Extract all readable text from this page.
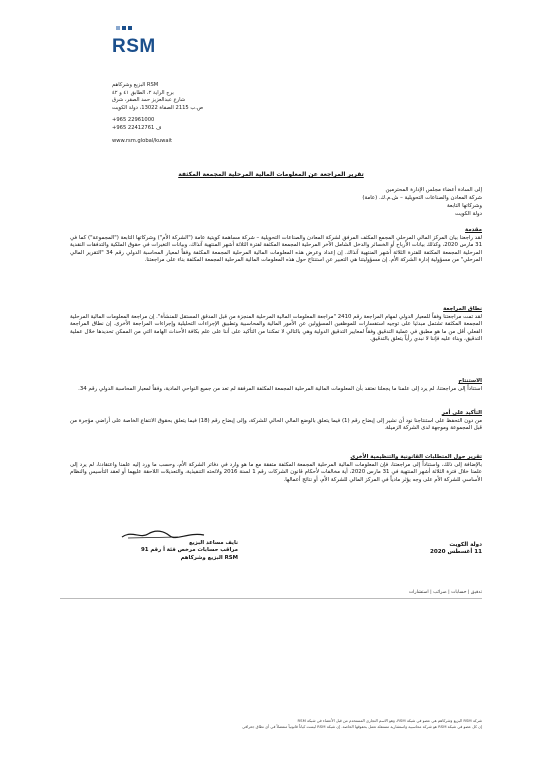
RSM
RSM البزيع وشركاهم
برج الراية ٢، الطابق ٤١ و ٤٢
شارع عبدالعزيز حمد الصقر، شرق
ص.ب 2115 الصفاة 13022، دولة الكويت
+965 22961000
+965 22412761 ف
www.rsm.global/kuwait
تقرير المراجعة عن المعلومات المالية المرحلية المجمعة المكثفة
إلى السادة أعضاء مجلس الإدارة المحترمين
شركة المعادن والصناعات التحويلية – ش.م.ك. (عامة)
وشركاتها التابعة
دولة الكويت
مقدمة
لقد راجعنا بيان المركز المالي المرحلي المجمع المكثف المرفق لشركة المعادن والصناعات التحويلية – شركة مساهمة كويتية عامة ("الشركة الأم") وشركاتها التابعة ("المجموعة") كما في 31 مارس 2020، وكذلك بيانات الأرباح أو الخسائر والدخل الشامل الآخر المرحلية المجمعة المكثفة لفترة الثلاثة أشهر المنتهية آنذاك، وبيانات التغيرات في حقوق الملكية والتدفقات النقدية المرحلية المجمعة المكثفة للفترة الثلاثة أشهر المنتهية آنذاك. إن إعداد وعرض هذه المعلومات المالية المرحلية المجمعة المكثفة وفقاً لمعيار المحاسبة الدولي رقم 34 "التقرير المالي المرحلي" من مسؤولية إدارة الشركة الأم. إن مسؤوليتنا هي التعبير عن استنتاج حول هذه المعلومات المالية المرحلية المجمعة المكثفة بناء على مراجعتنا.
نطاق المراجعة
لقد تمت مراجعتنا وفقاً للمعيار الدولي لمهام المراجعة رقم 2410 "مراجعة المعلومات المالية المرحلية المنجزة من قبل المدقق المستقل للمنشأة". إن مراجعة المعلومات المالية المرحلية المجمعة المكثفة تشتمل مبدئيا على توجيه استفسارات للموظفين المسؤولين عن الأمور المالية والمحاسبية وتطبيق الإجراءات التحليلية وإجراءات المراجعة الأخرى. إن نطاق المراجعة الفعلي أقل من ما هو مطبق في عملية التدقيق وفقاً لمعايير التدقيق الدولية وهي بالتالي لا تمكننا من التأكيد على أننا على علم بكافة الأحداث الهامة التي من الممكن تحديدها خلال عملية التدقيق، وبناء عليه فإننا لا نبدي رأياً يتعلق بالتدقيق.
الاستنتاج
استناداً إلى مراجعتنا، لم يرد إلى علمنا ما يجعلنا نعتقد بأن المعلومات المالية المرحلية المجمعة المكثفة المرفقة لم تعد من جميع النواحي المادية، وفقاً لمعيار المحاسبة الدولي رقم 34.
التأكيد على أمر
من دون التحفظ على استنتاجنا نود أن نشير إلى إيضاح رقم (1) فيما يتعلق بالوضع المالي الحالي للشركة، وإلى إيضاح رقم (18) فيما يتعلق بحقوق الانتفاع الخاصة على أراضي مؤجرة من قبل المجموعة وموجهة لدى الشركة الزميلة.
تقرير حول المتطلبات القانونية والتنظيمية الأخرى
بالإضافة إلى ذلك، واستناداً إلى مراجعتنا، فإن المعلومات المالية المرحلية المجمعة المكثفة متفقة مع ما هو وارد في دفاتر الشركة الأم، وحسب ما ورد إليه علمنا واعتقادنا، لم يرد إلى علمنا خلال فترة الثلاثة أشهر المنتهية في 31 مارس 2020، أية مخالفات لأحكام قانون الشركات رقم 1 لسنة 2016 ولائحته التنفيذية، والتعديلات اللاحقة عليهما أو لعقد التأسيس والنظام الأساسي للشركة الأم على وجه يؤثر مادياً في المركز المالي للشركة الأم، أو نتائج أعمالها.
نايف مساعد البزيع
مراقب حسابات مرخص فئة أ رقم 91
RSM البزيع وشركاهم
دولة الكويت
11 أغسطس 2020
تدقيق | حسابات | ضرائب | استشارات
شركة RSM البزيع وشركاهم هي عضو في شبكة RSM، وهو الاسم التجاري المستخدم من قبل الأعضاء في شبكة RSM
إن كل عضو في شبكة RSM هو شركة محاسبية واستشارية مستقلة تعمل بحقوقها الخاصة. إن شبكة RSM ليست كياناً قانونياً منفصلاً في أي نطاق جغرافي
